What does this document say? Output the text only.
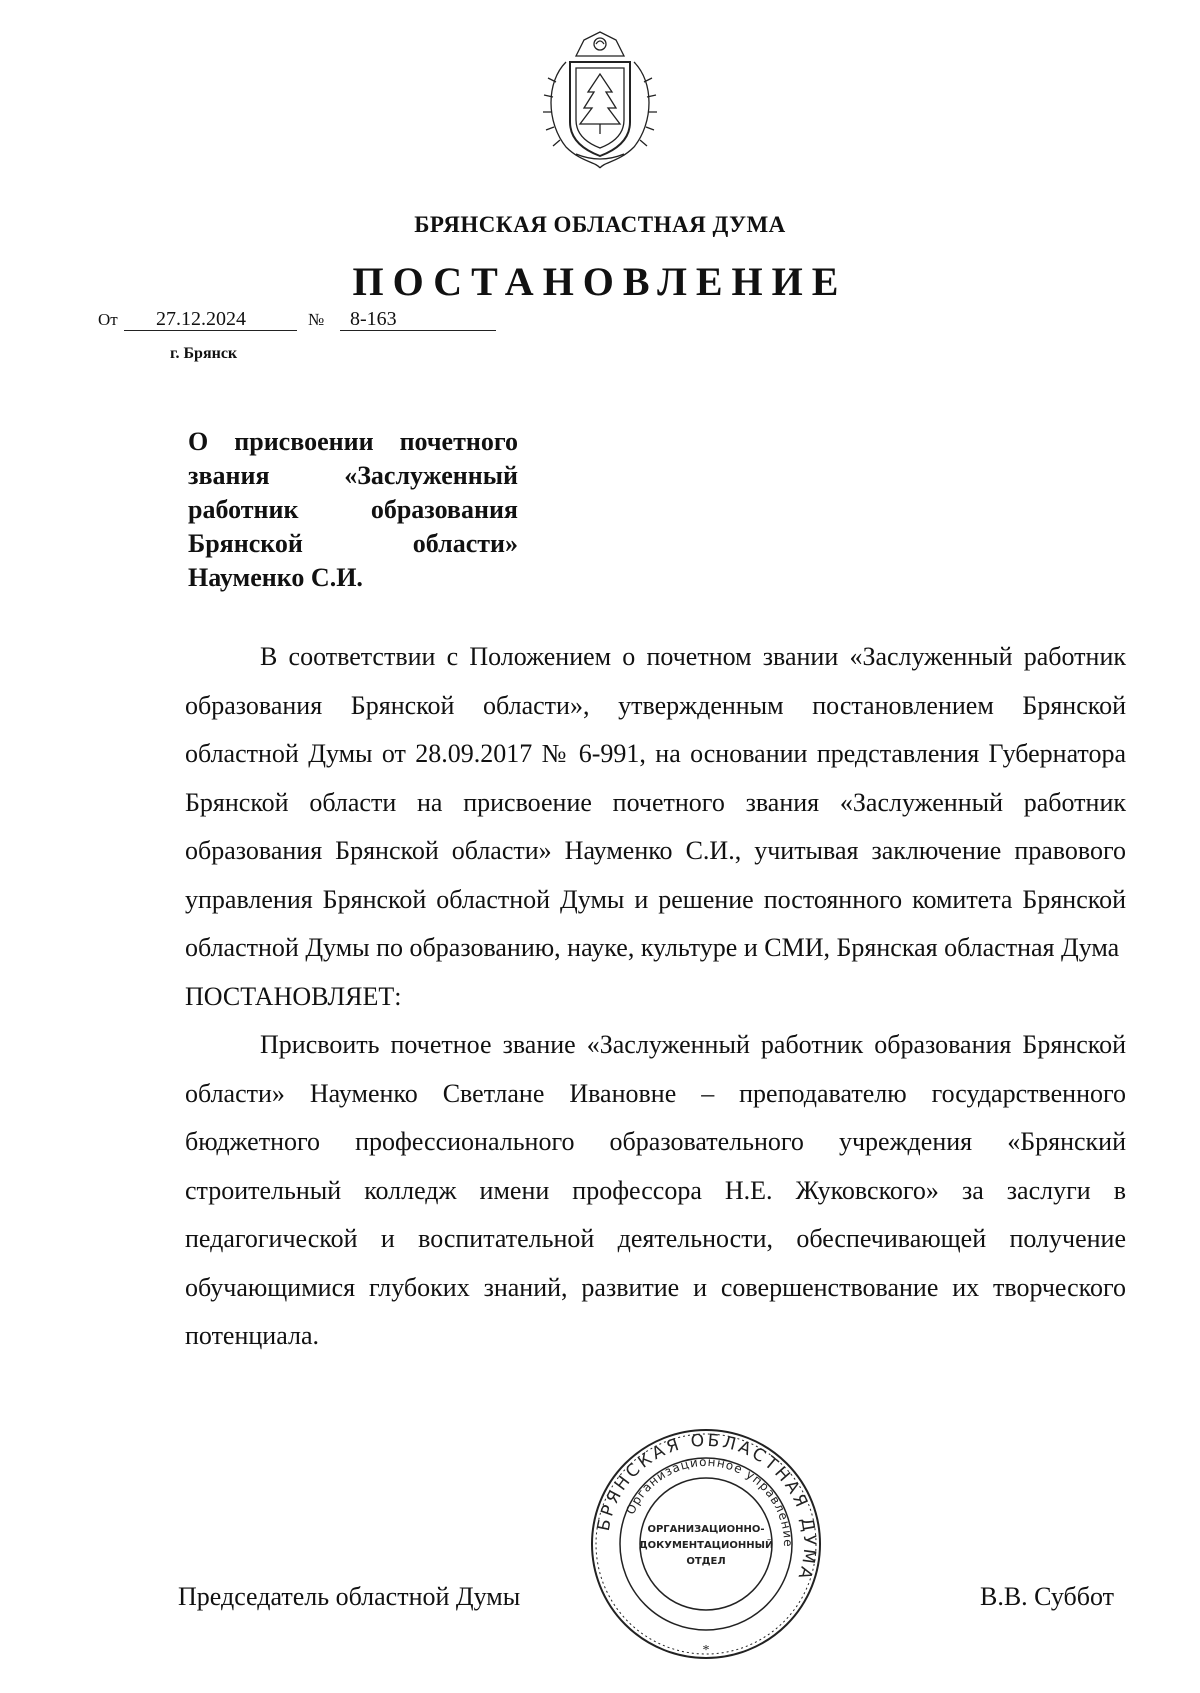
БРЯНСКАЯ ОБЛАСТНАЯ ДУМА
ПОСТАНОВЛЕНИЕ
От 27.12.2024	№ 8-163
г. Брянск
О присвоении почетного
звания «Заслуженный
работник образования
Брянской области»
Науменко С.И.

В соответствии с Положением о почетном звании «Заслуженный работник образования Брянской области», утвержденным постановлением Брянской областной Думы от 28.09.2017 № 6-991, на основании представления Губернатора Брянской области на присвоение почетного звания «Заслуженный работник образования Брянской области» Науменко С.И., учитывая заключение правового управления Брянской областной Думы и решение постоянного комитета Брянской областной Думы по образованию, науке, культуре и СМИ, Брянская областная Дума

ПОСТАНОВЛЯЕТ:

Присвоить почетное звание «Заслуженный работник образования Брянской области» Науменко Светлане Ивановне – преподавателю государственного бюджетного профессионального образовательного учреждения «Брянский строительный колледж имени профессора Н.Е. Жуковского» за заслуги в педагогической и воспитательной деятельности, обеспечивающей получение обучающимися глубоких знаний, развитие и совершенствование их творческого потенциала.

Председатель областной Думы	В.В. Суббот
БРЯНСКАЯ ОБЛАСТНАЯ ДУМА
Организационное управление
ОРГАНИЗАЦИОННО-
ДОКУМЕНТАЦИОННЫЙ
ОТДЕЛ
*
